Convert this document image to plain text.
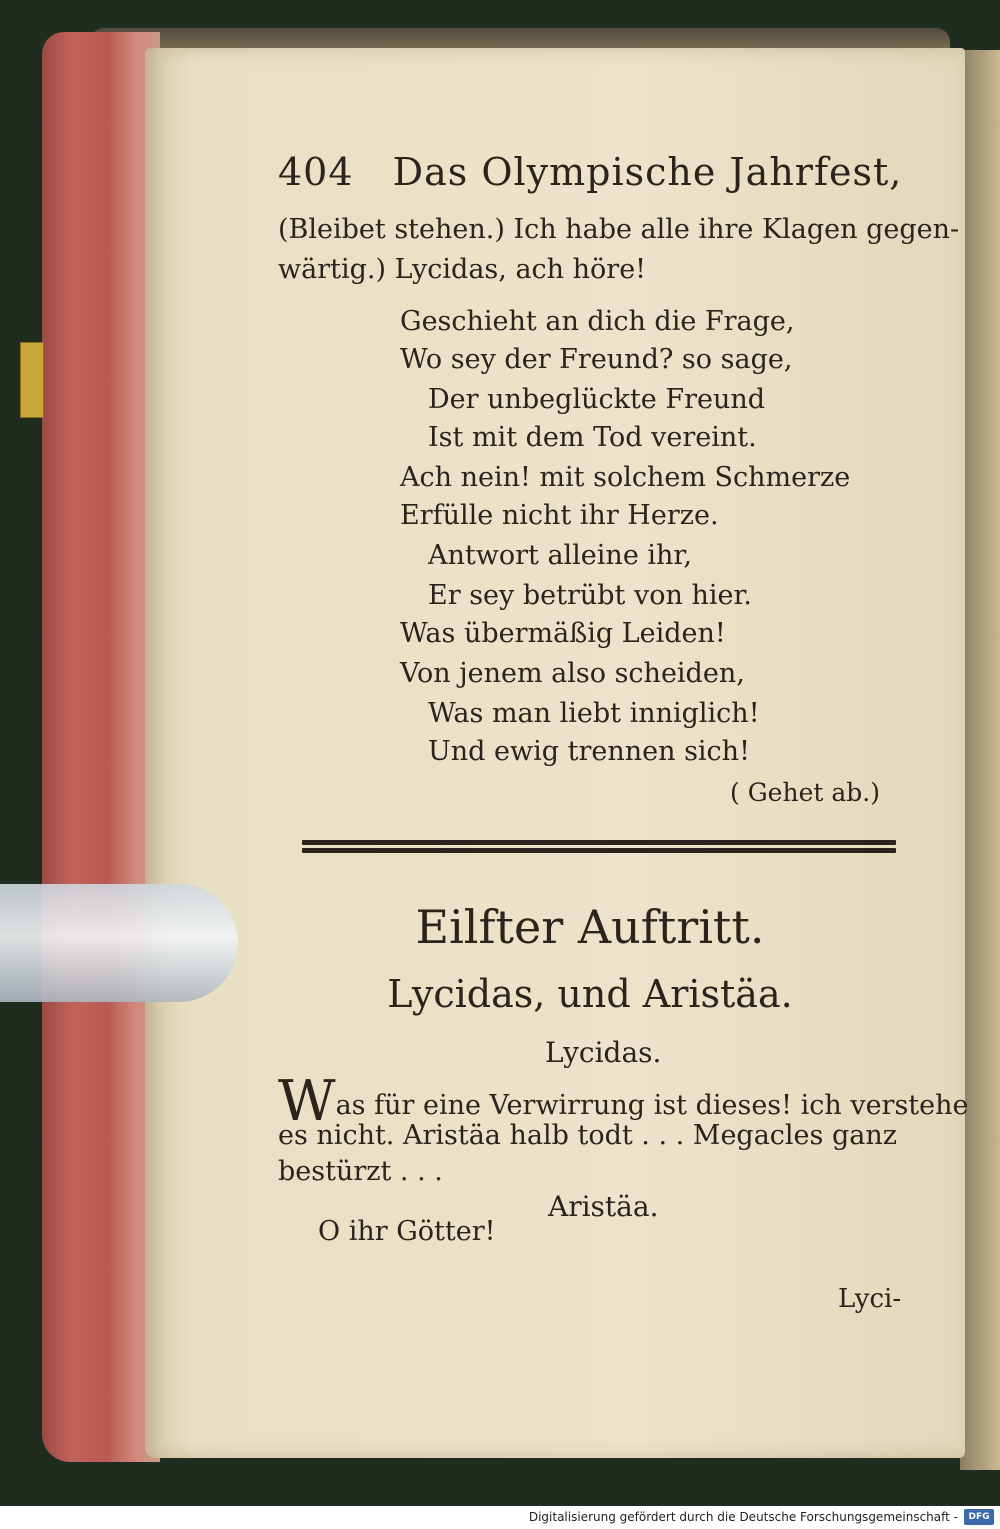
404 Das Olympische Jahrfest,
(Bleibet stehen.) Ich habe alle ihre Klagen gegen-
wärtig.) Lycidas, ach höre!
Geschieht an dich die Frage,
Wo sey der Freund? so sage,
Der unbeglückte Freund
Ist mit dem Tod vereint.
Ach nein! mit solchem Schmerze
Erfülle nicht ihr Herze.
Antwort alleine ihr,
Er sey betrübt von hier.
Was übermäßig Leiden!
Von jenem also scheiden,
Was man liebt inniglich!
Und ewig trennen sich!
( Gehet ab.)
Eilfter Auftritt.
Lycidas, und Aristäa.
Lycidas.
Was für eine Verwirrung ist dieses! ich verstehe
es nicht. Aristäa halb todt . . . Megacles ganz
bestürzt . . .
Aristäa.
O ihr Götter!
Lyci-
Digitalisierung gefördert durch die Deutsche Forschungsgemeinschaft -	DFG
